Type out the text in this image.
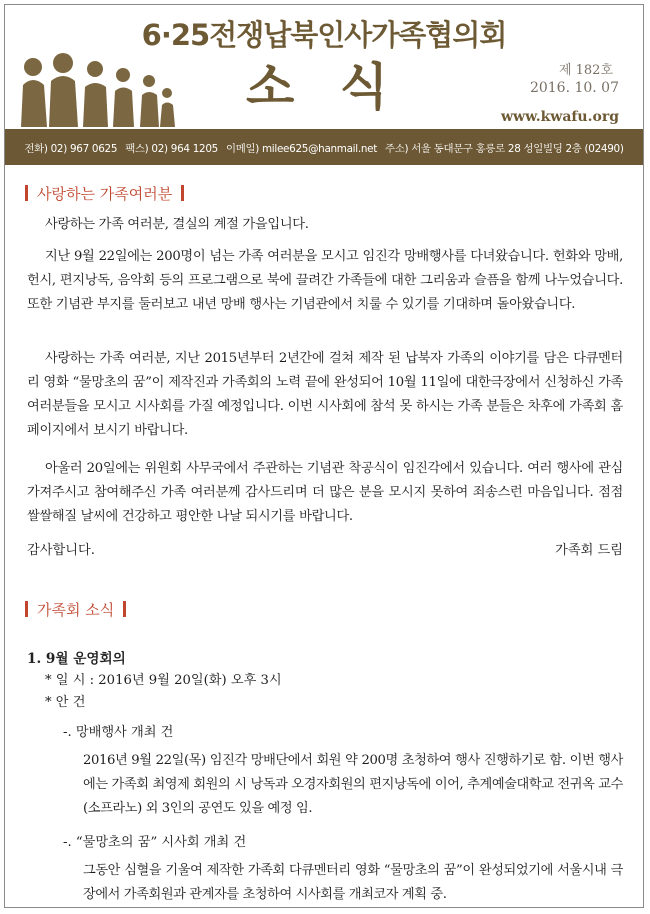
6·25전쟁납북인사가족협의회
소 식	제 182호
2016. 10. 07
www.kwafu.org
전화) 02) 967 0625 팩스) 02) 964 1205 이메일) milee625@hanmail.net 주소) 서울 동대문구 홍릉로 28 성일빌딩 2층 (02490)
사랑하는 가족여러분

사랑하는 가족 여러분, 결실의 계절 가을입니다.

지난 9월 22일에는 200명이 넘는 가족 여러분을 모시고 임진각 망배행사를 다녀왔습니다. 헌화와 망배, 헌시, 편지낭독, 음악회 등의 프로그램으로 북에 끌려간 가족들에 대한 그리움과 슬픔을 함께 나누었습니다. 또한 기념관 부지를 둘러보고 내년 망배 행사는 기념관에서 치룰 수 있기를 기대하며 돌아왔습니다.

사랑하는 가족 여러분, 지난 2015년부터 2년간에 걸쳐 제작 된 납북자 가족의 이야기를 담은 다큐멘터리 영화 “물망초의 꿈”이 제작진과 가족회의 노력 끝에 완성되어 10월 11일에 대한극장에서 신청하신 가족 여러분들을 모시고 시사회를 가질 예정입니다. 이번 시사회에 참석 못 하시는 가족 분들은 차후에 가족회 홈페이지에서 보시기 바랍니다.

아울러 20일에는 위원회 사무국에서 주관하는 기념관 착공식이 임진각에서 있습니다. 여러 행사에 관심 가져주시고 참여해주신 가족 여러분께 감사드리며 더 많은 분을 모시지 못하여 죄송스런 마음입니다. 점점 쌀쌀해질 날씨에 건강하고 평안한 나날 되시기를 바랍니다.

감사합니다.	가족회 드림
가족회 소식
1. 9월 운영회의
* 일 시 : 2016년 9월 20일(화) 오후 3시
* 안 건
-. 망배행사 개최 건

2016년 9월 22일(목) 임진각 망배단에서 회원 약 200명 초청하여 행사 진행하기로 함. 이번 행사에는 가족회 최영제 회원의 시 낭독과 오경자회원의 편지낭독에 이어, 추계예술대학교 전귀옥 교수(소프라노) 외 3인의 공연도 있을 예정 임.

-. “물망초의 꿈” 시사회 개최 건

그동안 심혈을 기울여 제작한 가족회 다큐멘터리 영화 “물망초의 꿈”이 완성되었기에 서울시내 극장에서 가족회원과 관계자를 초청하여 시사회를 개최코자 계획 중.
